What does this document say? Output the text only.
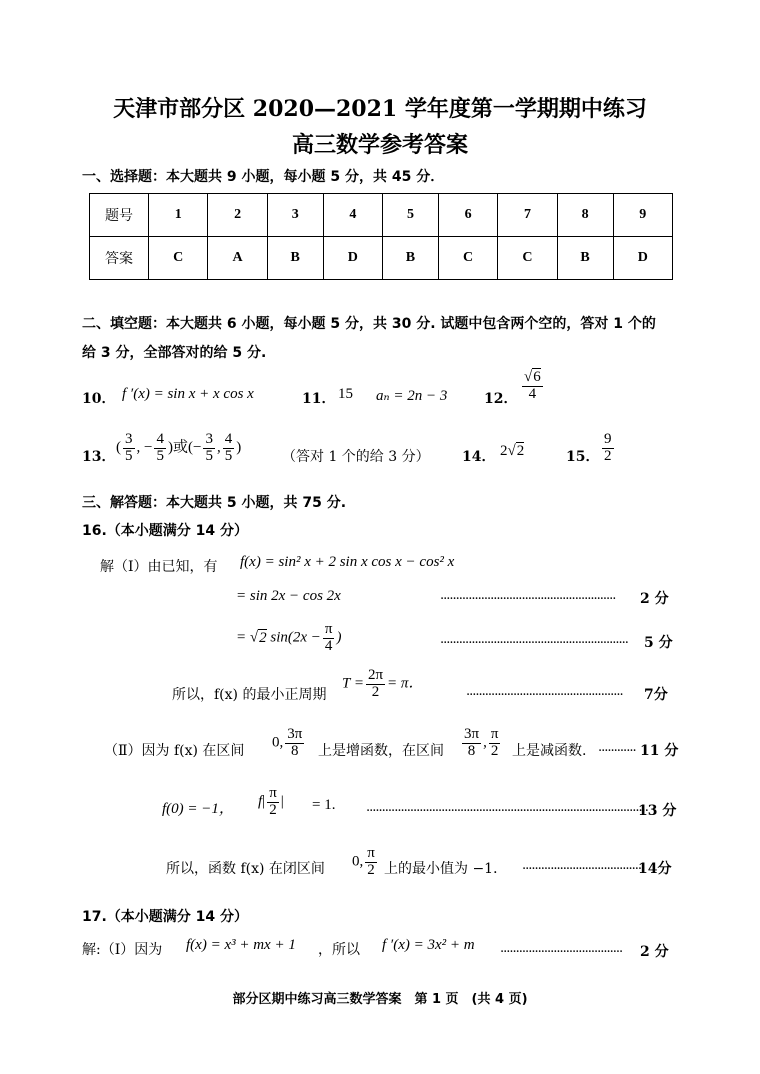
天津市部分区 2020—2021 学年度第一学期期中练习
高三数学参考答案
一、选择题：本大题共 9 小题，每小题 5 分，共 45 分．
题号	1	2	3	4	5	6	7	8	9
答案	C	A	B	D	B	C	C	B	D
二、填空题：本大题共 6 小题，每小题 5 分，共 30 分. 试题中包含两个空的，答对 1 个的
给 3 分，全部答对的给 5 分.
10． f ′(x) = sin x + x cos x	11． 15 aₙ = 2n − 3	12． $\frac{√6}{4}$
13．
( $\frac{3}{5}$ , − $\frac{4}{5}$ )或(− $\frac{3}{5}$ , $\frac{4}{5}$ )
（答对 1 个的给 3 分） 14． 2√2	15． $\frac{9}{2}$
三、解答题：本大题共 5 小题，共 75 分.
16.（本小题满分 14 分）
解（Ⅰ）由已知，有 f(x) = sin² x + 2 sin x cos x − cos² x
= sin 2x − cos 2x	........................................................ 2 分
= √2 $\sin(2x - \frac{\pi}{4}$ )	............................................................ 5 分
所以，f(x) 的最小正周期
$T = \frac{2\pi}{2} = \pi$．	.................................................. 7分
（Ⅱ）因为 f(x) 在区间
0, $\frac{3\pi}{8}$ 上是增函数，在区间 $\frac{3\pi}{8}$ , $\frac{\pi}{2}$ 上是减函数. ............ 11 分
f(0) = −1， $f| \frac{\pi}{2}$ | = 1. ..........................................................................................
13 分
所以，函数 f(x) 在闭区间 0, $\frac{\pi}{2}$ 上的最小值为 −1． ......................................
14分
17.（本小题满分 14 分）
解:（Ⅰ）因为 f(x) = x³ + mx + 1 ，所以 f ′(x) = 3x² + m ....................................... 2 分
部分区期中练习高三数学答案　第 1 页　(共 4 页)
